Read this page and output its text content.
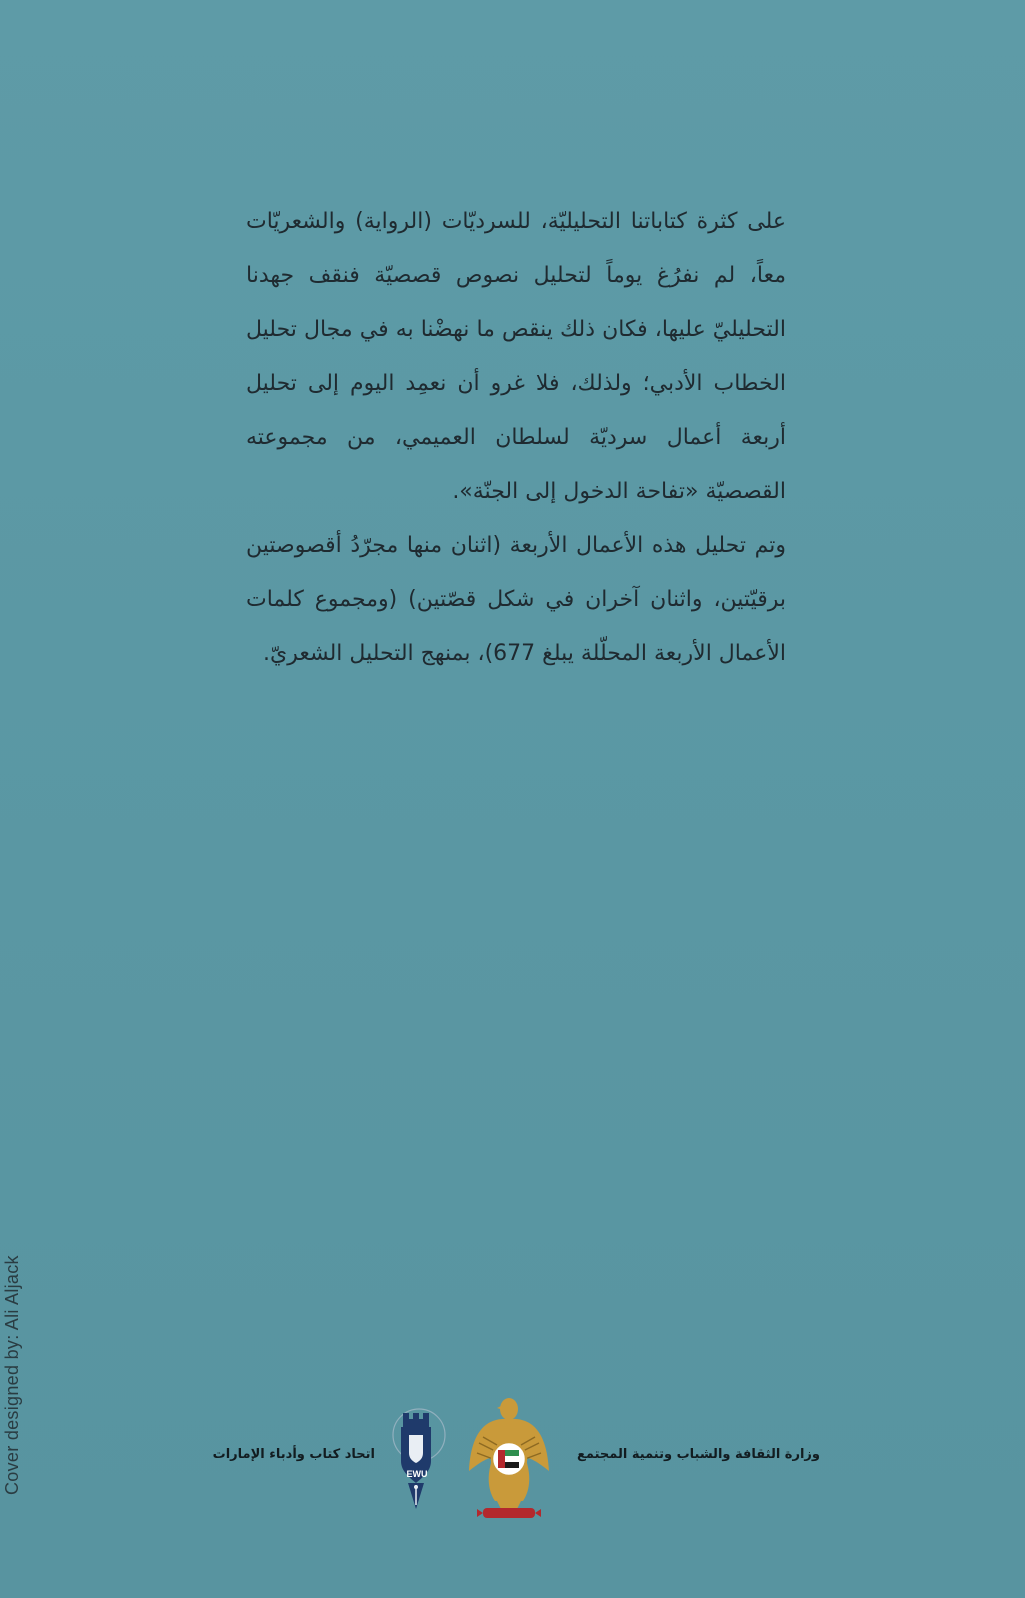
على كثرة كتاباتنا التحليليّة، للسرديّات (الرواية) والشعريّات معاً، لم نفرُغ يوماً لتحليل نصوص قصصيّة فنقف جهدنا التحليليّ عليها، فكان ذلك ينقص ما نهضْنا به في مجال تحليل الخطاب الأدبي؛ ولذلك، فلا غرو أن نعمِد اليوم إلى تحليل أربعة أعمال سرديّة لسلطان العميمي، من مجموعته القصصيّة «تفاحة الدخول إلى الجنّة».

وتم تحليل هذه الأعمال الأربعة (اثنان منها مجرّدُ أقصوصتين برقيّتين، واثنان آخران في شكل قصّتين) (ومجموع كلمات الأعمال الأربعة المحلّلة يبلغ 677)، بمنهج التحليل الشعريّ.

Cover designed by: Ali Aljack	EWU
وزارة الثقافة والشباب وتنمية المجتمع
اتحاد كتاب وأدباء الإمارات
